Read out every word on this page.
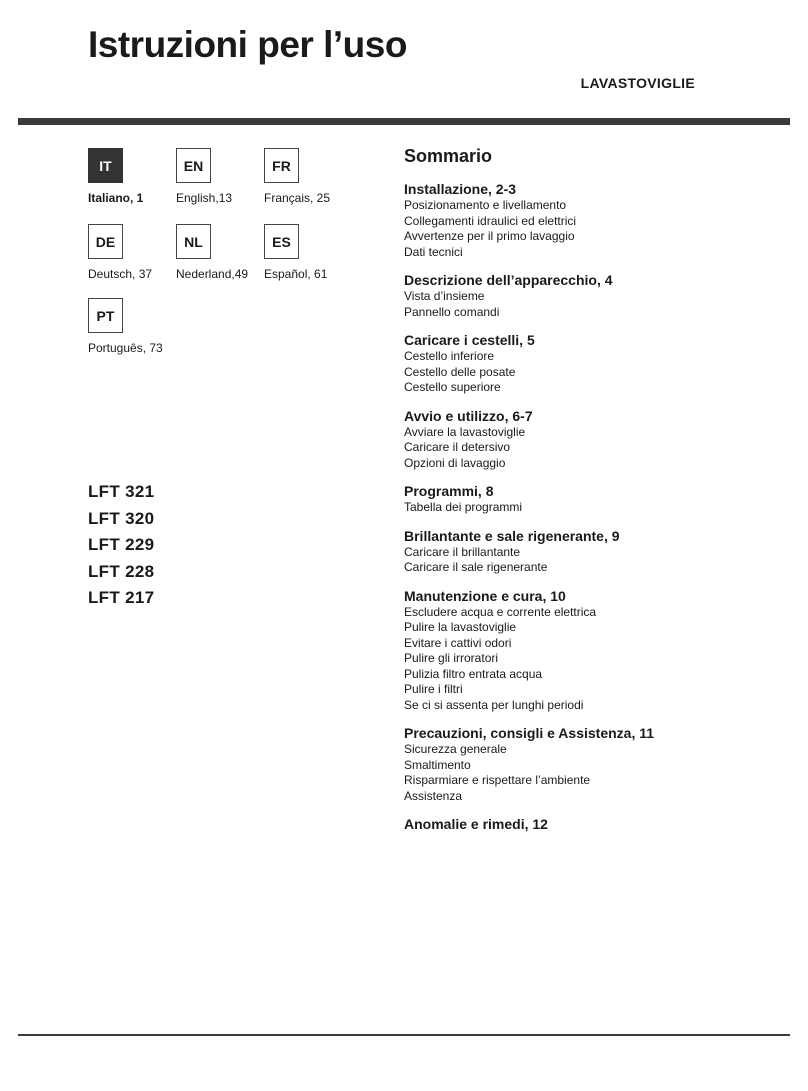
Istruzioni per l’uso
LAVASTOVIGLIE
IT
Italiano, 1
EN
English,13
FR
Français, 25
DE
Deutsch, 37
NL
Nederland,49
ES
Español, 61
PT
Português, 73
LFT 321
LFT 320
LFT 229
LFT 228
LFT 217
Sommario
Installazione, 2-3
Posizionamento e livellamento
Collegamenti idraulici ed elettrici
Avvertenze per il primo lavaggio
Dati tecnici
Descrizione dell’apparecchio, 4
Vista d’insieme
Pannello comandi
Caricare i cestelli, 5
Cestello inferiore
Cestello delle posate
Cestello superiore
Avvio e utilizzo, 6-7
Avviare la lavastoviglie
Caricare il detersivo
Opzioni di lavaggio
Programmi, 8
Tabella dei programmi
Brillantante e sale rigenerante, 9
Caricare il brillantante
Caricare il sale rigenerante
Manutenzione e cura, 10
Escludere acqua e corrente elettrica
Pulire la lavastoviglie
Evitare i cattivi odori
Pulire gli irroratori
Pulizia filtro entrata acqua
Pulire i filtri
Se ci si assenta per lunghi periodi
Precauzioni, consigli e Assistenza, 11
Sicurezza generale
Smaltimento
Risparmiare e rispettare l’ambiente
Assistenza
Anomalie e rimedi, 12
